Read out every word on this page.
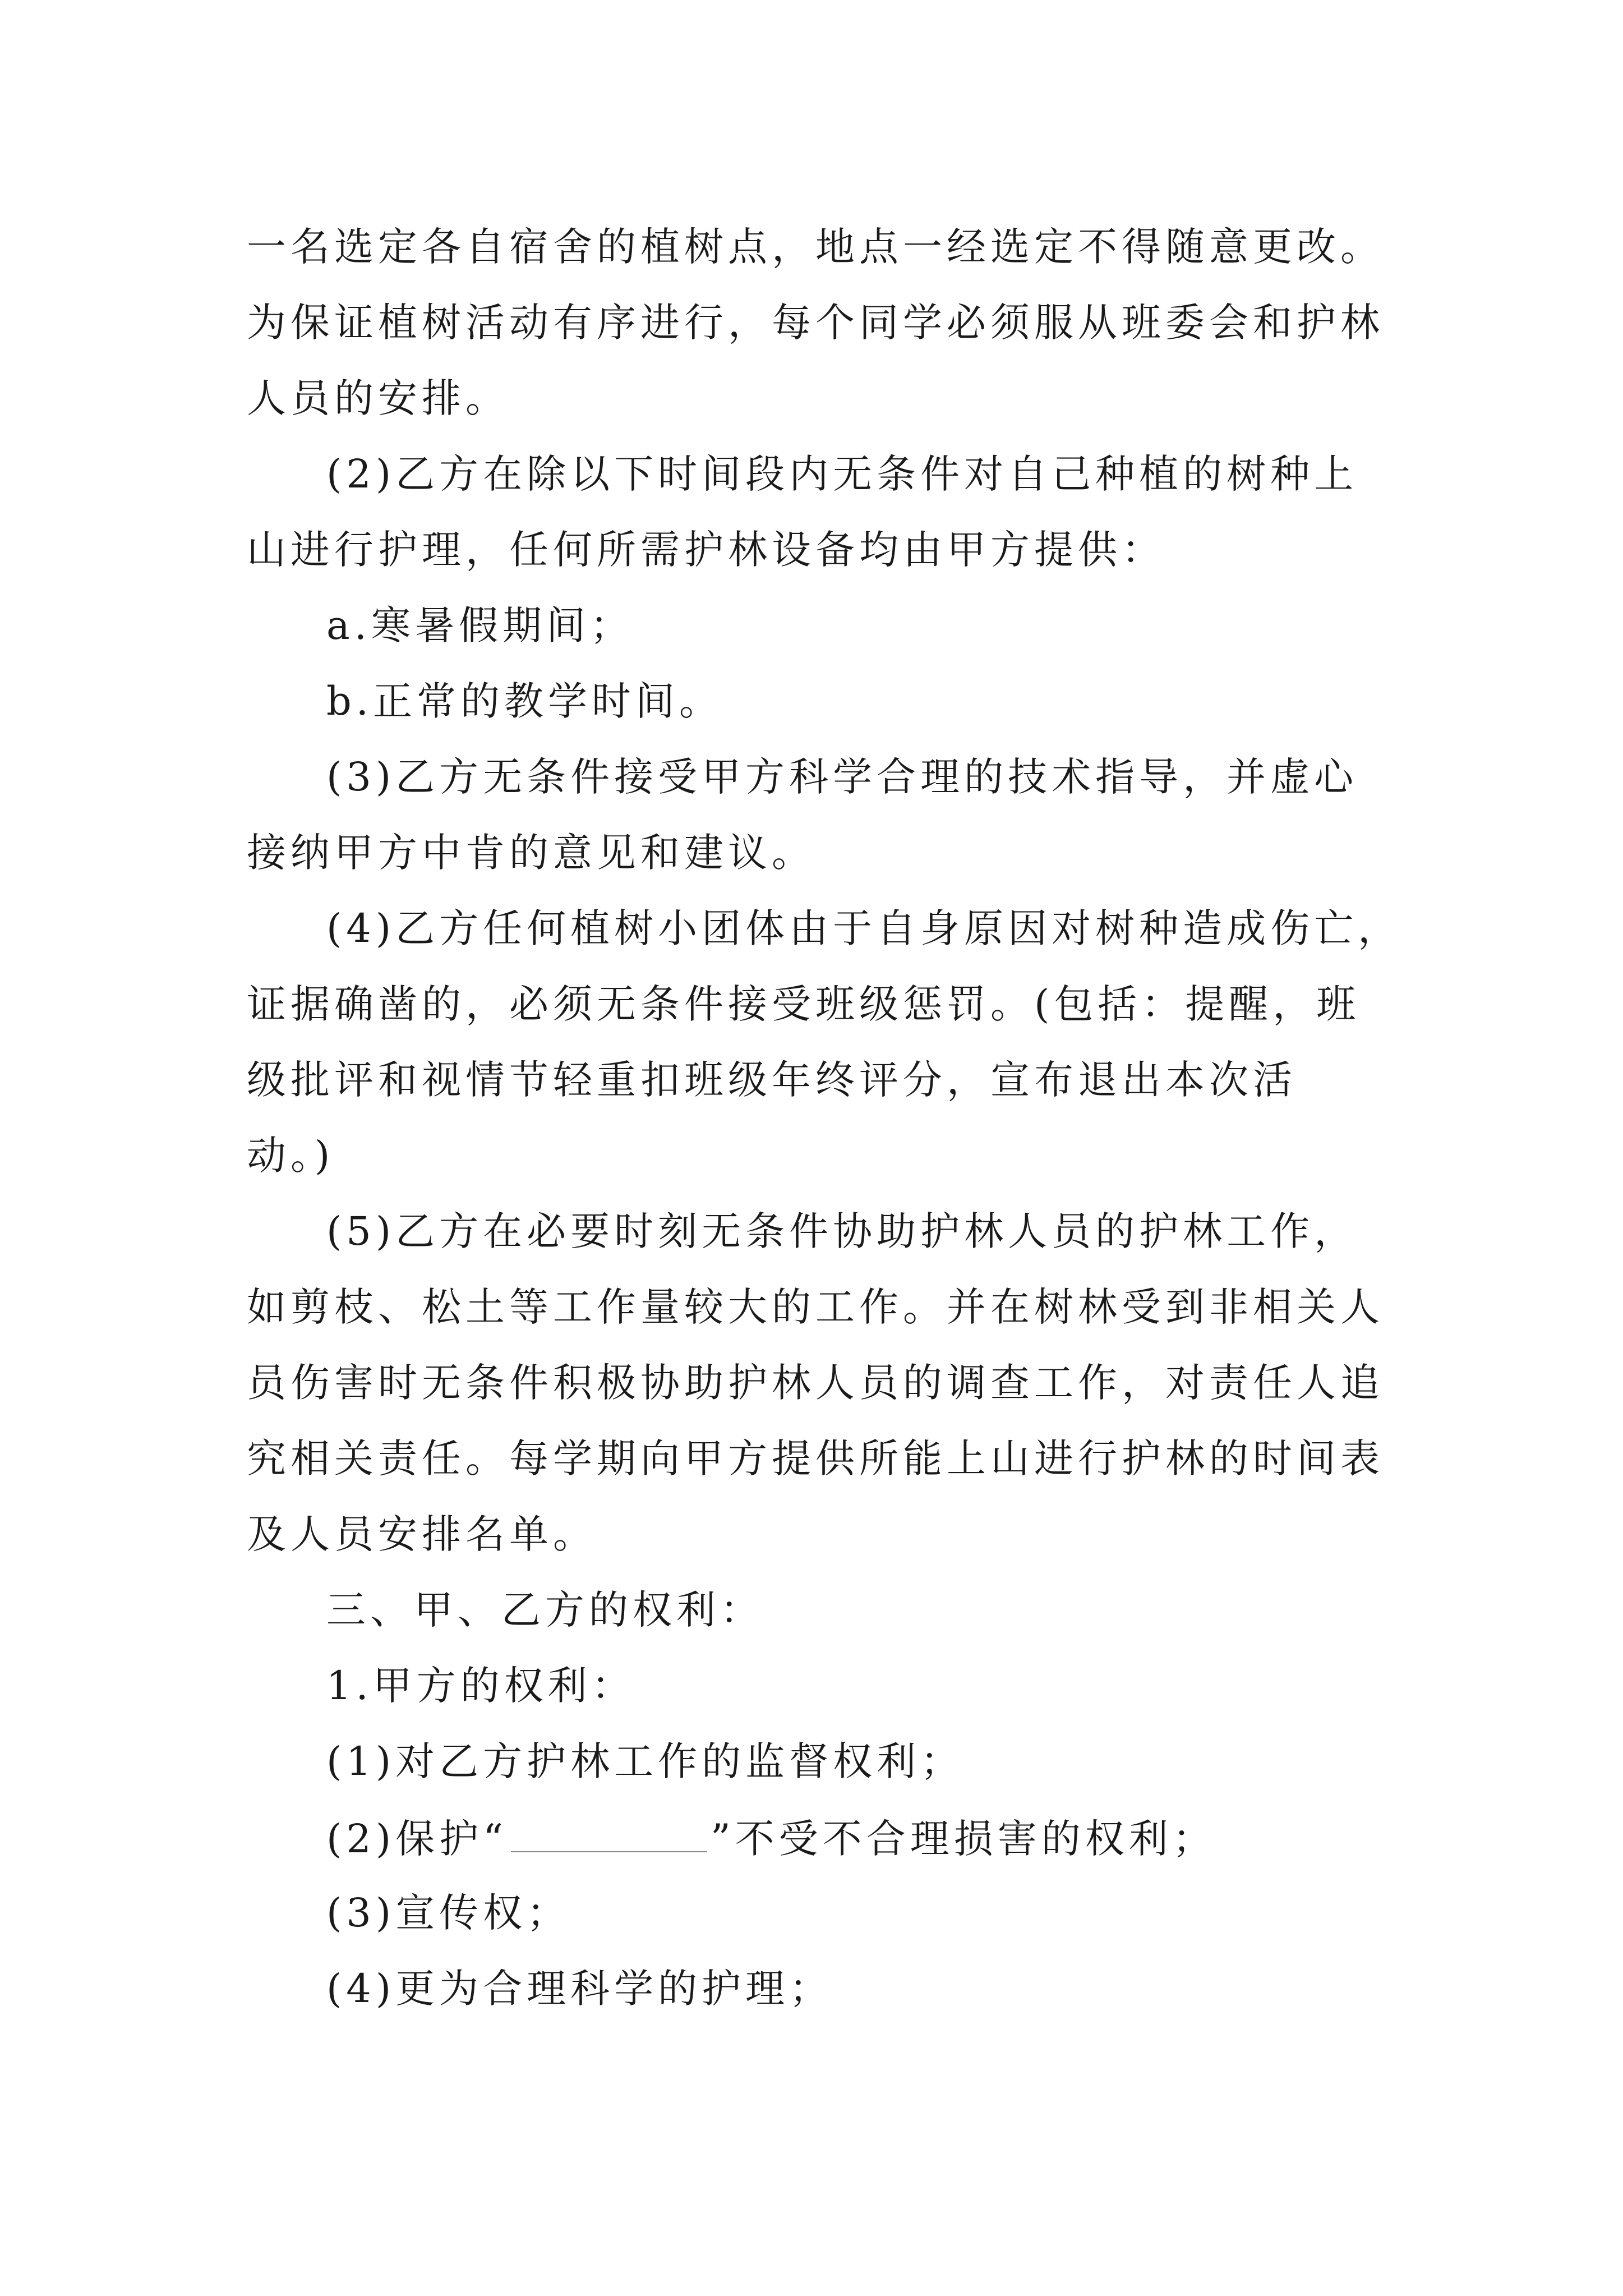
一名选定各自宿舍的植树点，地点一经选定不得随意更改。
为保证植树活动有序进行，每个同学必须服从班委会和护林
人员的安排。
(2)乙方在除以下时间段内无条件对自己种植的树种上
山进行护理，任何所需护林设备均由甲方提供：
a.寒暑假期间；
b.正常的教学时间。
(3)乙方无条件接受甲方科学合理的技术指导，并虚心
接纳甲方中肯的意见和建议。
(4)乙方任何植树小团体由于自身原因对树种造成伤亡，
证据确凿的，必须无条件接受班级惩罚。(包括：提醒，班
级批评和视情节轻重扣班级年终评分，宣布退出本次活
动。)
(5)乙方在必要时刻无条件协助护林人员的护林工作，
如剪枝、松土等工作量较大的工作。并在树林受到非相关人
员伤害时无条件积极协助护林人员的调查工作，对责任人追
究相关责任。每学期向甲方提供所能上山进行护林的时间表
及人员安排名单。
三、甲、乙方的权利：
1.甲方的权利：
(1)对乙方护林工作的监督权利；
(2)保护“	”不受不合理损害的权利；
(3)宣传权；
(4)更为合理科学的护理；
